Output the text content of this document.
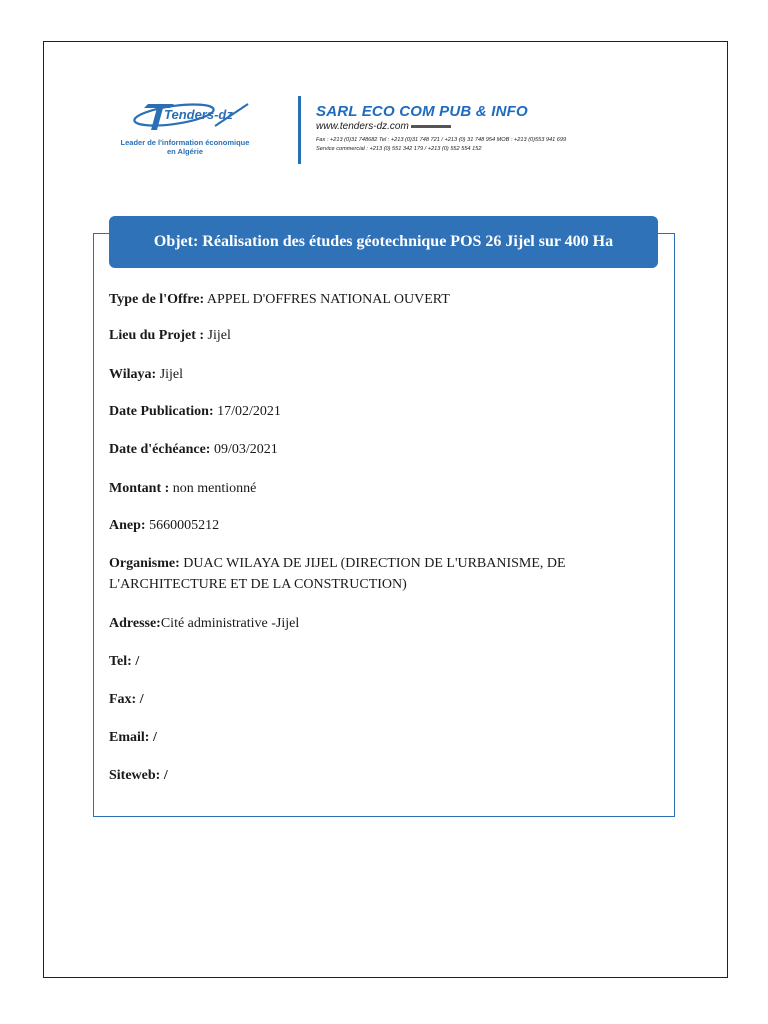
Tenders-dz
Leader de l'information économique
en Algérie
SARL ECO COM PUB & INFO
www.tenders-dz.com
Fax : +213 (0)31 748682 Tel : +213 (0)31 748 721 / +213 (0) 31 748 954 MOB : +213 (0)553 941 699
Service commercial : +213 (0) 551 342 179 / +213 (0) 552 554 152
Objet: Réalisation des études géotechnique POS 26 Jijel sur 400 Ha
Type de l'Offre: APPEL D'OFFRES NATIONAL OUVERT
Lieu du Projet : Jijel
Wilaya: Jijel
Date Publication: 17/02/2021
Date d'échéance: 09/03/2021
Montant : non mentionné
Anep: 5660005212
Organisme: DUAC WILAYA DE JIJEL (DIRECTION DE L'URBANISME, DE L'ARCHITECTURE ET DE LA CONSTRUCTION)
Adresse:Cité administrative -Jijel
Tel: /
Fax: /
Email: /
Siteweb: /
